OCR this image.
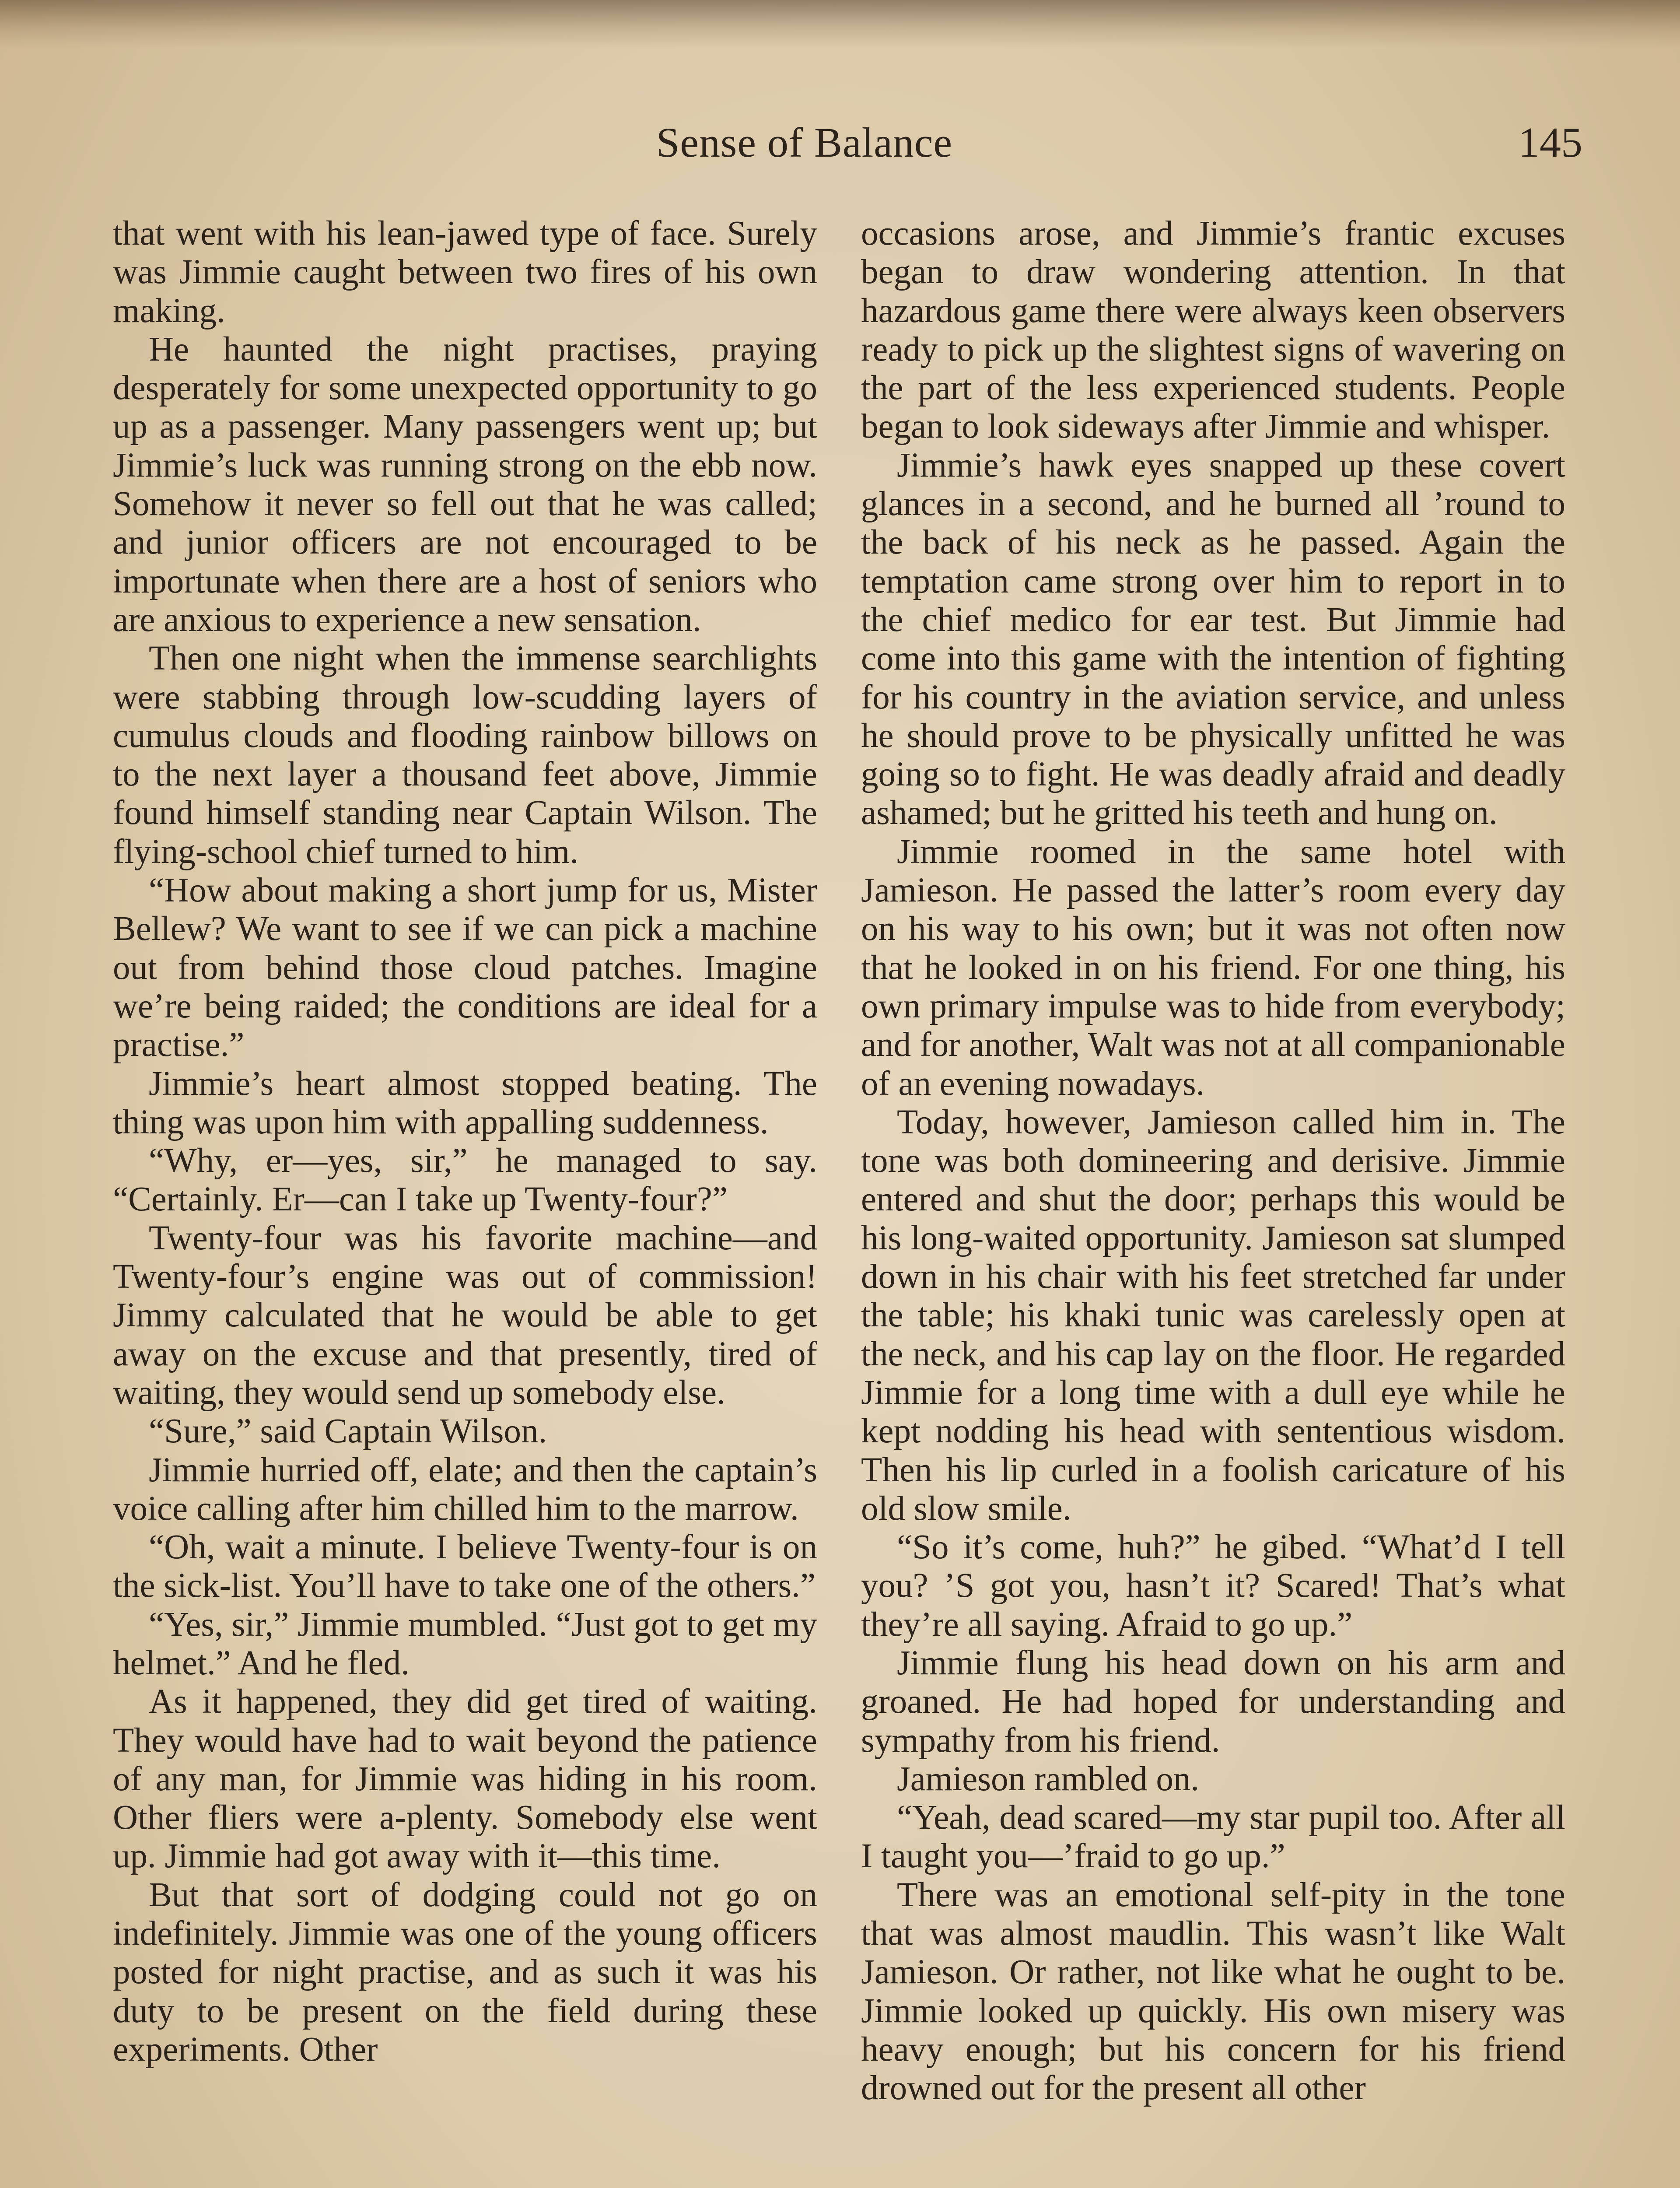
Sense of Balance	145

that went with his lean-jawed type of face. Surely was Jimmie caught between two fires of his own making.

He haunted the night practises, praying desperately for some unexpected opportunity to go up as a passenger. Many passengers went up; but Jimmie’s luck was running strong on the ebb now. Somehow it never so fell out that he was called; and junior officers are not encouraged to be importunate when there are a host of seniors who are anxious to experience a new sensation.

Then one night when the immense searchlights were stabbing through low-scudding layers of cumulus clouds and flooding rainbow billows on to the next layer a thousand feet above, Jimmie found himself standing near Captain Wilson. The flying-school chief turned to him.

“How about making a short jump for us, Mister Bellew? We want to see if we can pick a machine out from behind those cloud patches. Imagine we’re being raided; the conditions are ideal for a practise.”

Jimmie’s heart almost stopped beating. The thing was upon him with appalling suddenness.

“Why, er—yes, sir,” he managed to say. “Certainly. Er—can I take up Twenty-four?”

Twenty-four was his favorite machine—and Twenty-four’s engine was out of commission! Jimmy calculated that he would be able to get away on the excuse and that presently, tired of waiting, they would send up somebody else.

“Sure,” said Captain Wilson.

Jimmie hurried off, elate; and then the captain’s voice calling after him chilled him to the marrow.

“Oh, wait a minute. I believe Twenty-four is on the sick-list. You’ll have to take one of the others.”

“Yes, sir,” Jimmie mumbled. “Just got to get my helmet.” And he fled.

As it happened, they did get tired of waiting. They would have had to wait beyond the patience of any man, for Jimmie was hiding in his room. Other fliers were a-plenty. Somebody else went up. Jimmie had got away with it—this time.

But that sort of dodging could not go on indefinitely. Jimmie was one of the young officers posted for night practise, and as such it was his duty to be present on the field during these experiments. Other

occasions arose, and Jimmie’s frantic excuses began to draw wondering attention. In that hazardous game there were always keen observers ready to pick up the slightest signs of wavering on the part of the less experienced students. People began to look sideways after Jimmie and whisper.

Jimmie’s hawk eyes snapped up these covert glances in a second, and he burned all ’round to the back of his neck as he passed. Again the temptation came strong over him to report in to the chief medico for ear test. But Jimmie had come into this game with the intention of fighting for his country in the aviation service, and unless he should prove to be physically unfitted he was going so to fight. He was deadly afraid and deadly ashamed; but he gritted his teeth and hung on.

Jimmie roomed in the same hotel with Jamieson. He passed the latter’s room every day on his way to his own; but it was not often now that he looked in on his friend. For one thing, his own primary impulse was to hide from everybody; and for another, Walt was not at all companionable of an evening nowadays.

Today, however, Jamieson called him in. The tone was both domineering and derisive. Jimmie entered and shut the door; perhaps this would be his long-waited opportunity. Jamieson sat slumped down in his chair with his feet stretched far under the table; his khaki tunic was carelessly open at the neck, and his cap lay on the floor. He regarded Jimmie for a long time with a dull eye while he kept nodding his head with sententious wisdom. Then his lip curled in a foolish caricature of his old slow smile.

“So it’s come, huh?” he gibed. “What’d I tell you? ’S got you, hasn’t it? Scared! That’s what they’re all saying. Afraid to go up.”

Jimmie flung his head down on his arm and groaned. He had hoped for understanding and sympathy from his friend.

Jamieson rambled on.

“Yeah, dead scared—my star pupil too. After all I taught you—’fraid to go up.”

There was an emotional self-pity in the tone that was almost maudlin. This wasn’t like Walt Jamieson. Or rather, not like what he ought to be. Jimmie looked up quickly. His own misery was heavy enough; but his concern for his friend drowned out for the present all other
